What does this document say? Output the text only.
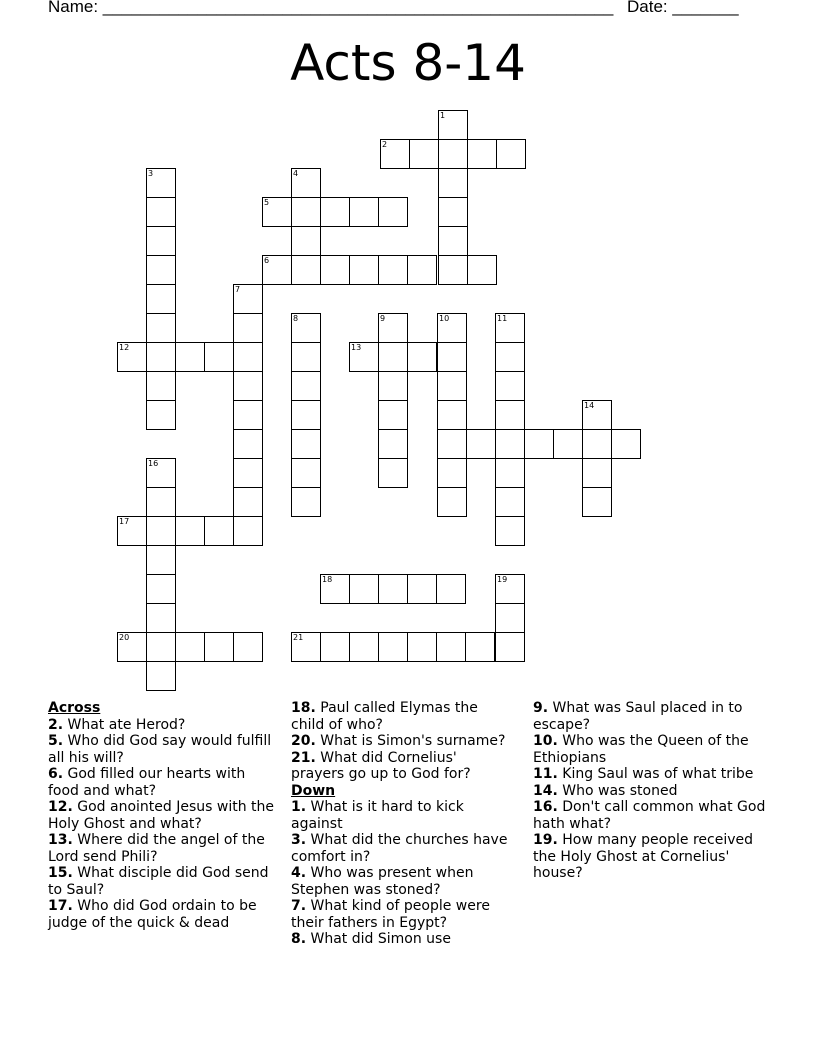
Name: ______________________________________________________ Date: _______
Acts 8-14
1
2
3	4
5
6
7
8	9	10	11
12	13
14
16
17
18	19
20	21
Across
2. What ate Herod?
5. Who did God say would fulfill all his will?
6. God filled our hearts with food and what?
12. God anointed Jesus with the Holy Ghost and what?
13. Where did the angel of the Lord send Phili?
15. What disciple did God send to Saul?
17. Who did God ordain to be judge of the quick & dead
18. Paul called Elymas the child of who?
20. What is Simon's surname?
21. What did Cornelius' prayers go up to God for?
Down
1. What is it hard to kick against
3. What did the churches have comfort in?
4. Who was present when Stephen was stoned?
7. What kind of people were their fathers in Egypt?
8. What did Simon use
9. What was Saul placed in to escape?
10. Who was the Queen of the Ethiopians
11. King Saul was of what tribe
14. Who was stoned
16. Don't call common what God hath what?
19. How many people received the Holy Ghost at Cornelius' house?
